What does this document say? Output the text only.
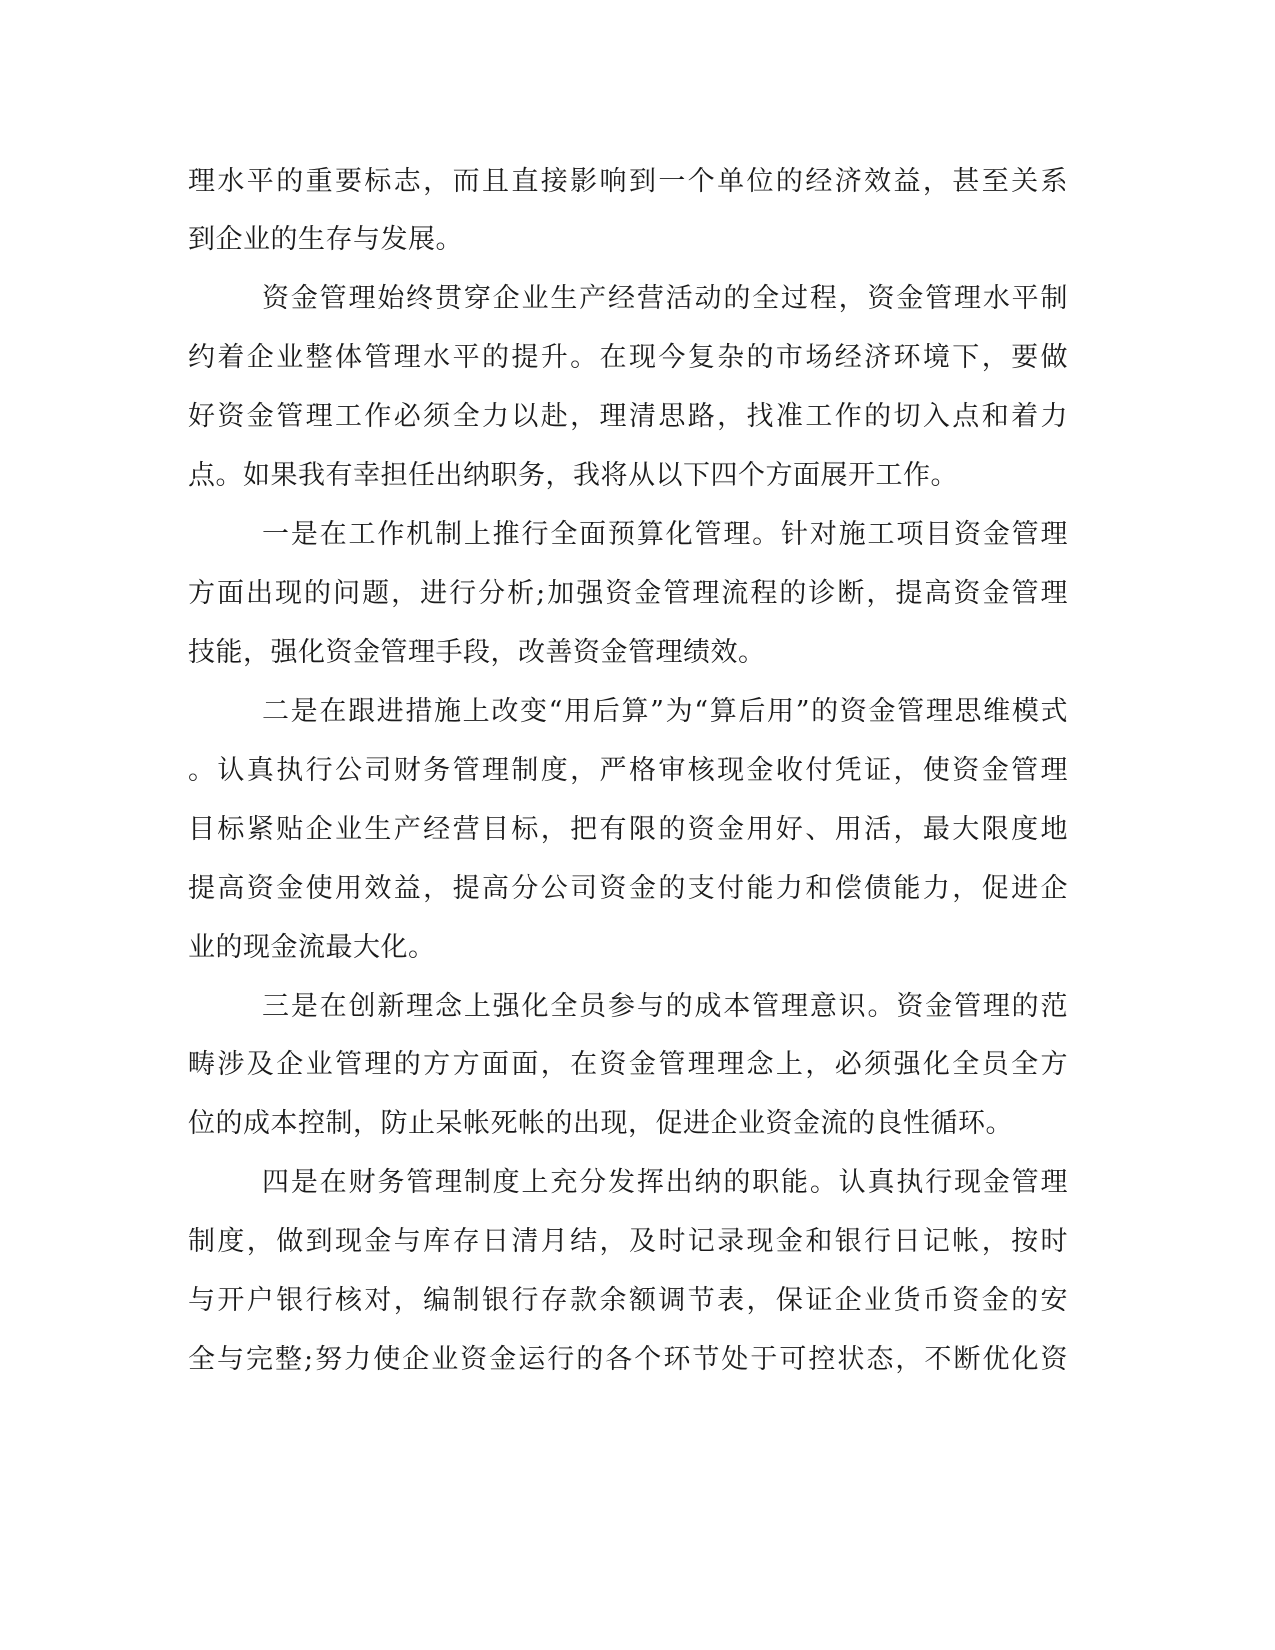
理水平的重要标志，而且直接影响到一个单位的经济效益，甚至关系
到企业的生存与发展。
资金管理始终贯穿企业生产经营活动的全过程，资金管理水平制
约着企业整体管理水平的提升。在现今复杂的市场经济环境下，要做
好资金管理工作必须全力以赴，理清思路，找准工作的切入点和着力
点。如果我有幸担任出纳职务，我将从以下四个方面展开工作。
一是在工作机制上推行全面预算化管理。针对施工项目资金管理
方面出现的问题，进行分析;加强资金管理流程的诊断，提高资金管理
技能，强化资金管理手段，改善资金管理绩效。
二是在跟进措施上改变“用后算”为“算后用”的资金管理思维模式
。认真执行公司财务管理制度，严格审核现金收付凭证，使资金管理
目标紧贴企业生产经营目标，把有限的资金用好、用活，最大限度地
提高资金使用效益，提高分公司资金的支付能力和偿债能力，促进企
业的现金流最大化。
三是在创新理念上强化全员参与的成本管理意识。资金管理的范
畴涉及企业管理的方方面面，在资金管理理念上，必须强化全员全方
位的成本控制，防止呆帐死帐的出现，促进企业资金流的良性循环。
四是在财务管理制度上充分发挥出纳的职能。认真执行现金管理
制度，做到现金与库存日清月结，及时记录现金和银行日记帐，按时
与开户银行核对，编制银行存款余额调节表，保证企业货币资金的安
全与完整;努力使企业资金运行的各个环节处于可控状态，不断优化资
